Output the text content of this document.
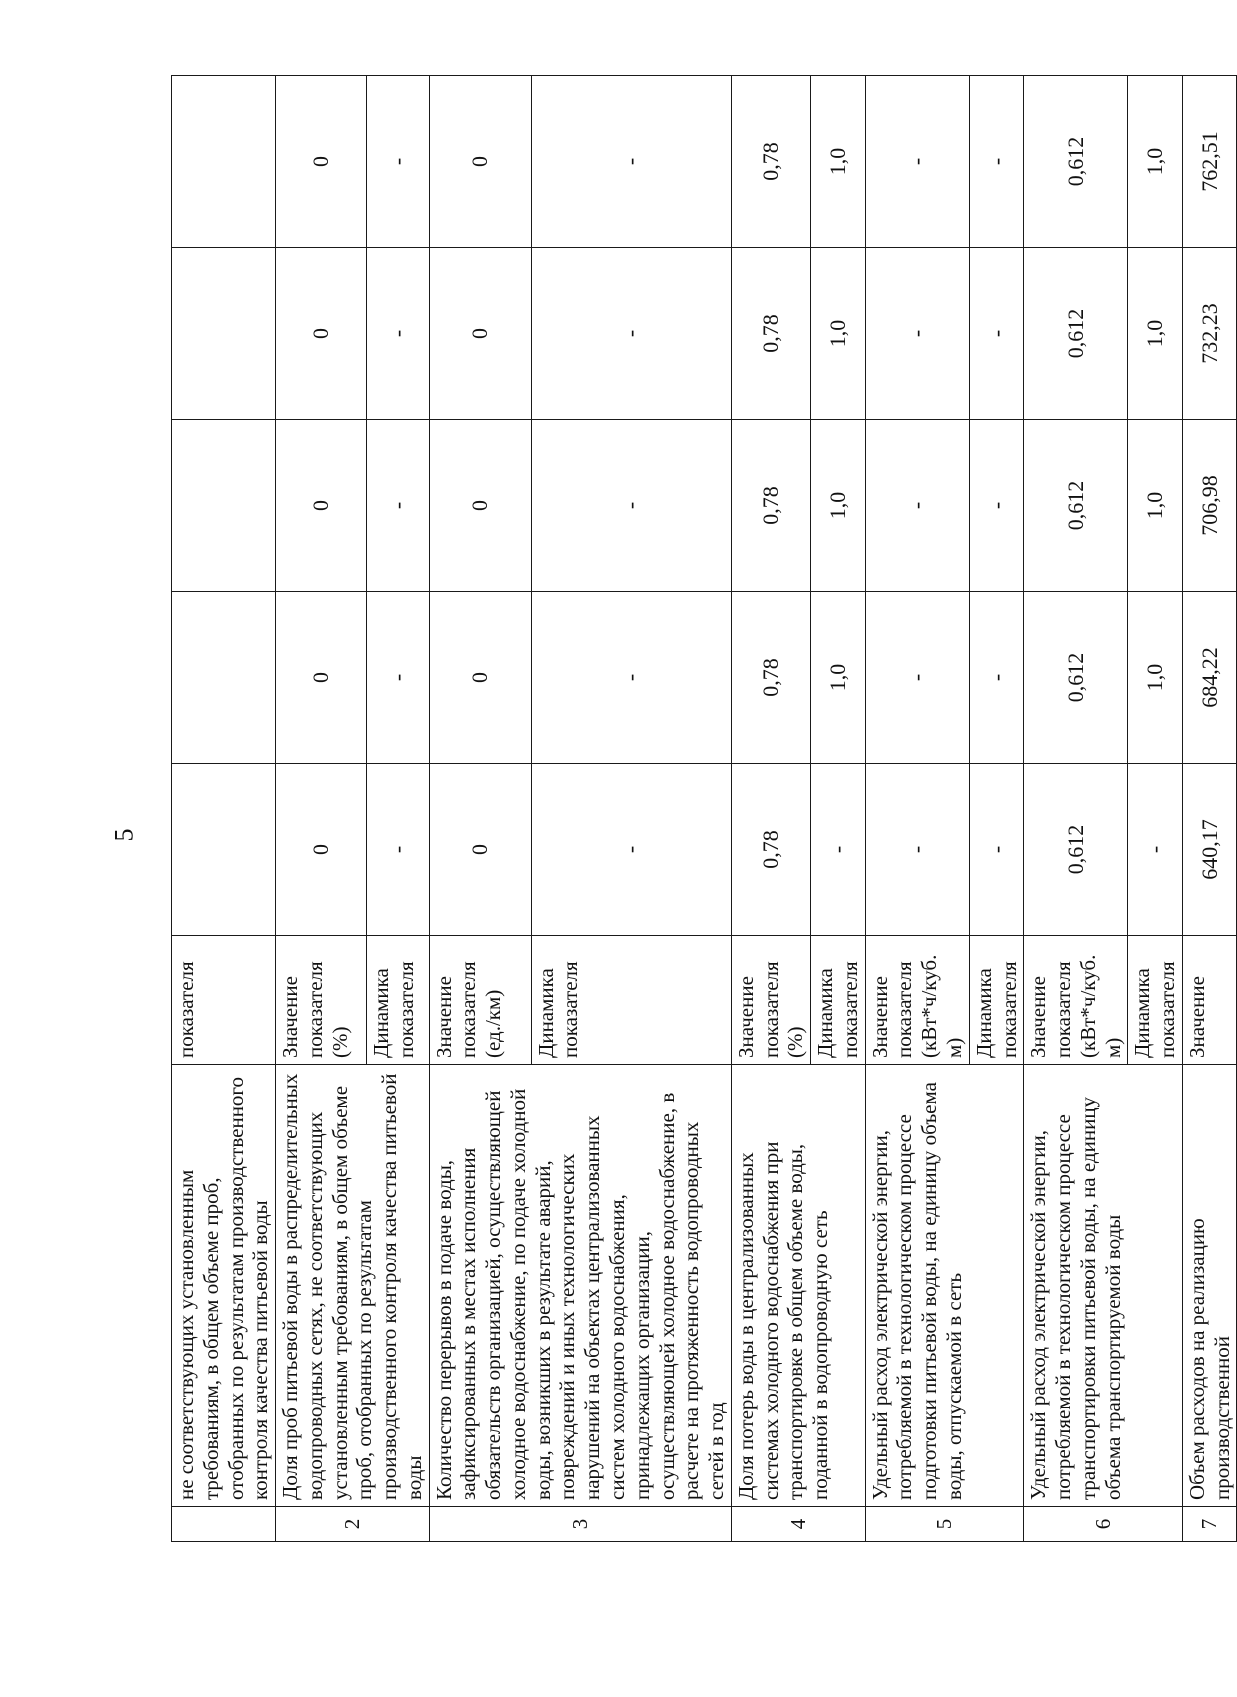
5
	не соответствующих установленным требованиям, в общем объеме проб, отобранных по результатам производственного контроля качества питьевой воды	показателя					
2	Доля проб питьевой воды в распределительных водопроводных сетях, не соответствующих установленным требованиям, в общем объеме проб, отобранных по результатам производственного контроля качества питьевой воды	Значение показателя (%)	0	0	0	0	0
		Динамика показателя	-	-	-	-	-
3	Количество перерывов в подаче воды, зафиксированных в местах исполнения обязательств организацией, осуществляющей холодное водоснабжение, по подаче холодной воды, возникших в результате аварий, повреждений и иных технологических нарушений на объектах централизованных систем холодного водоснабжения, принадлежащих организации, осуществляющей холодное водоснабжение, в расчете на протяженность водопроводных сетей в год	Значение показателя (ед./км)	0	0	0	0	0
		Динамика показателя	-	-	-	-	-
4	Доля потерь воды в централизованных системах холодного водоснабжения при транспортировке в общем объеме воды, поданной в водопроводную сеть	Значение показателя (%)	0,78	0,78	0,78	0,78	0,78
		Динамика показателя	-	1,0	1,0	1,0	1,0
5	Удельный расход электрической энергии, потребляемой в технологическом процессе подготовки питьевой воды, на единицу объема воды, отпускаемой в сеть	Значение показателя (кВт*ч/куб. м)	-	-	-	-	-
		Динамика показателя	-	-	-	-	-
6	Удельный расход электрической энергии, потребляемой в технологическом процессе транспортировки питьевой воды, на единицу объема транспортируемой воды	Значение показателя (кВт*ч/куб. м)	0,612	0,612	0,612	0,612	0,612
		Динамика показателя	-	1,0	1,0	1,0	1,0
7	Объем расходов на реализацию производственной	Значение	640,17	684,22	706,98	732,23	762,51
